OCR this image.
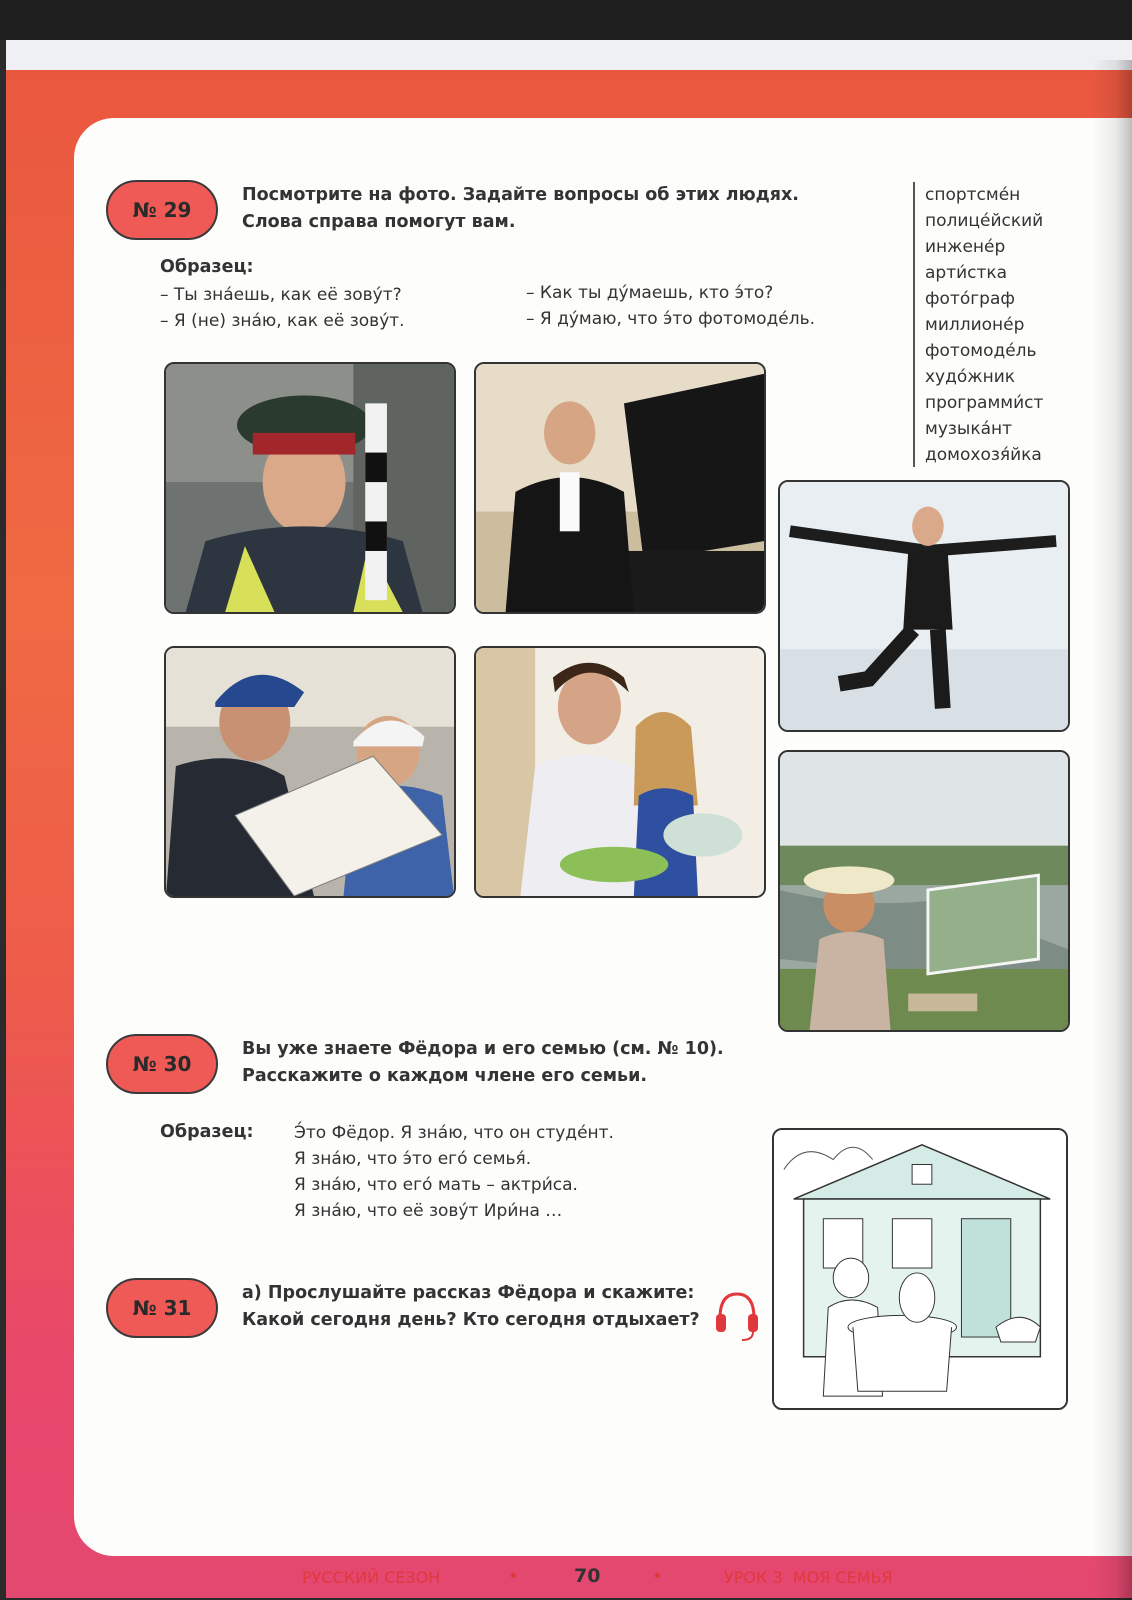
№ 29
Посмотрите на фото. Задайте вопросы об этих людях.
Слова справа помогут вам.
Образец:
– Ты зна́ешь, как её зову́т?
– Я (не) зна́ю, как её зову́т.
– Как ты ду́маешь, кто э́то?
– Я ду́маю, что э́то фотомоде́ль.
спортсме́н
полице́йский
инжене́р
арти́стка
фото́граф
миллионе́р
фотомоде́ль
худо́жник
программи́ст
музыка́нт
домохозя́йка
№ 30
Вы уже знаете Фёдора и его семью (см. № 10).
Расскажите о каждом члене его семьи.
Образец: Э́то Фёдор. Я зна́ю, что он студе́нт.
Я зна́ю, что э́то его́ семья́.
Я зна́ю, что его́ мать – актри́са.
Я зна́ю, что её зову́т Ири́на …
№ 31
а) Прослушайте рассказ Фёдора и скажите:
Какой сегодня день? Кто сегодня отдыхает?
РУССКИЙ СЕЗОН	•	70	•	УРОК 3  МОЯ СЕМЬЯ
